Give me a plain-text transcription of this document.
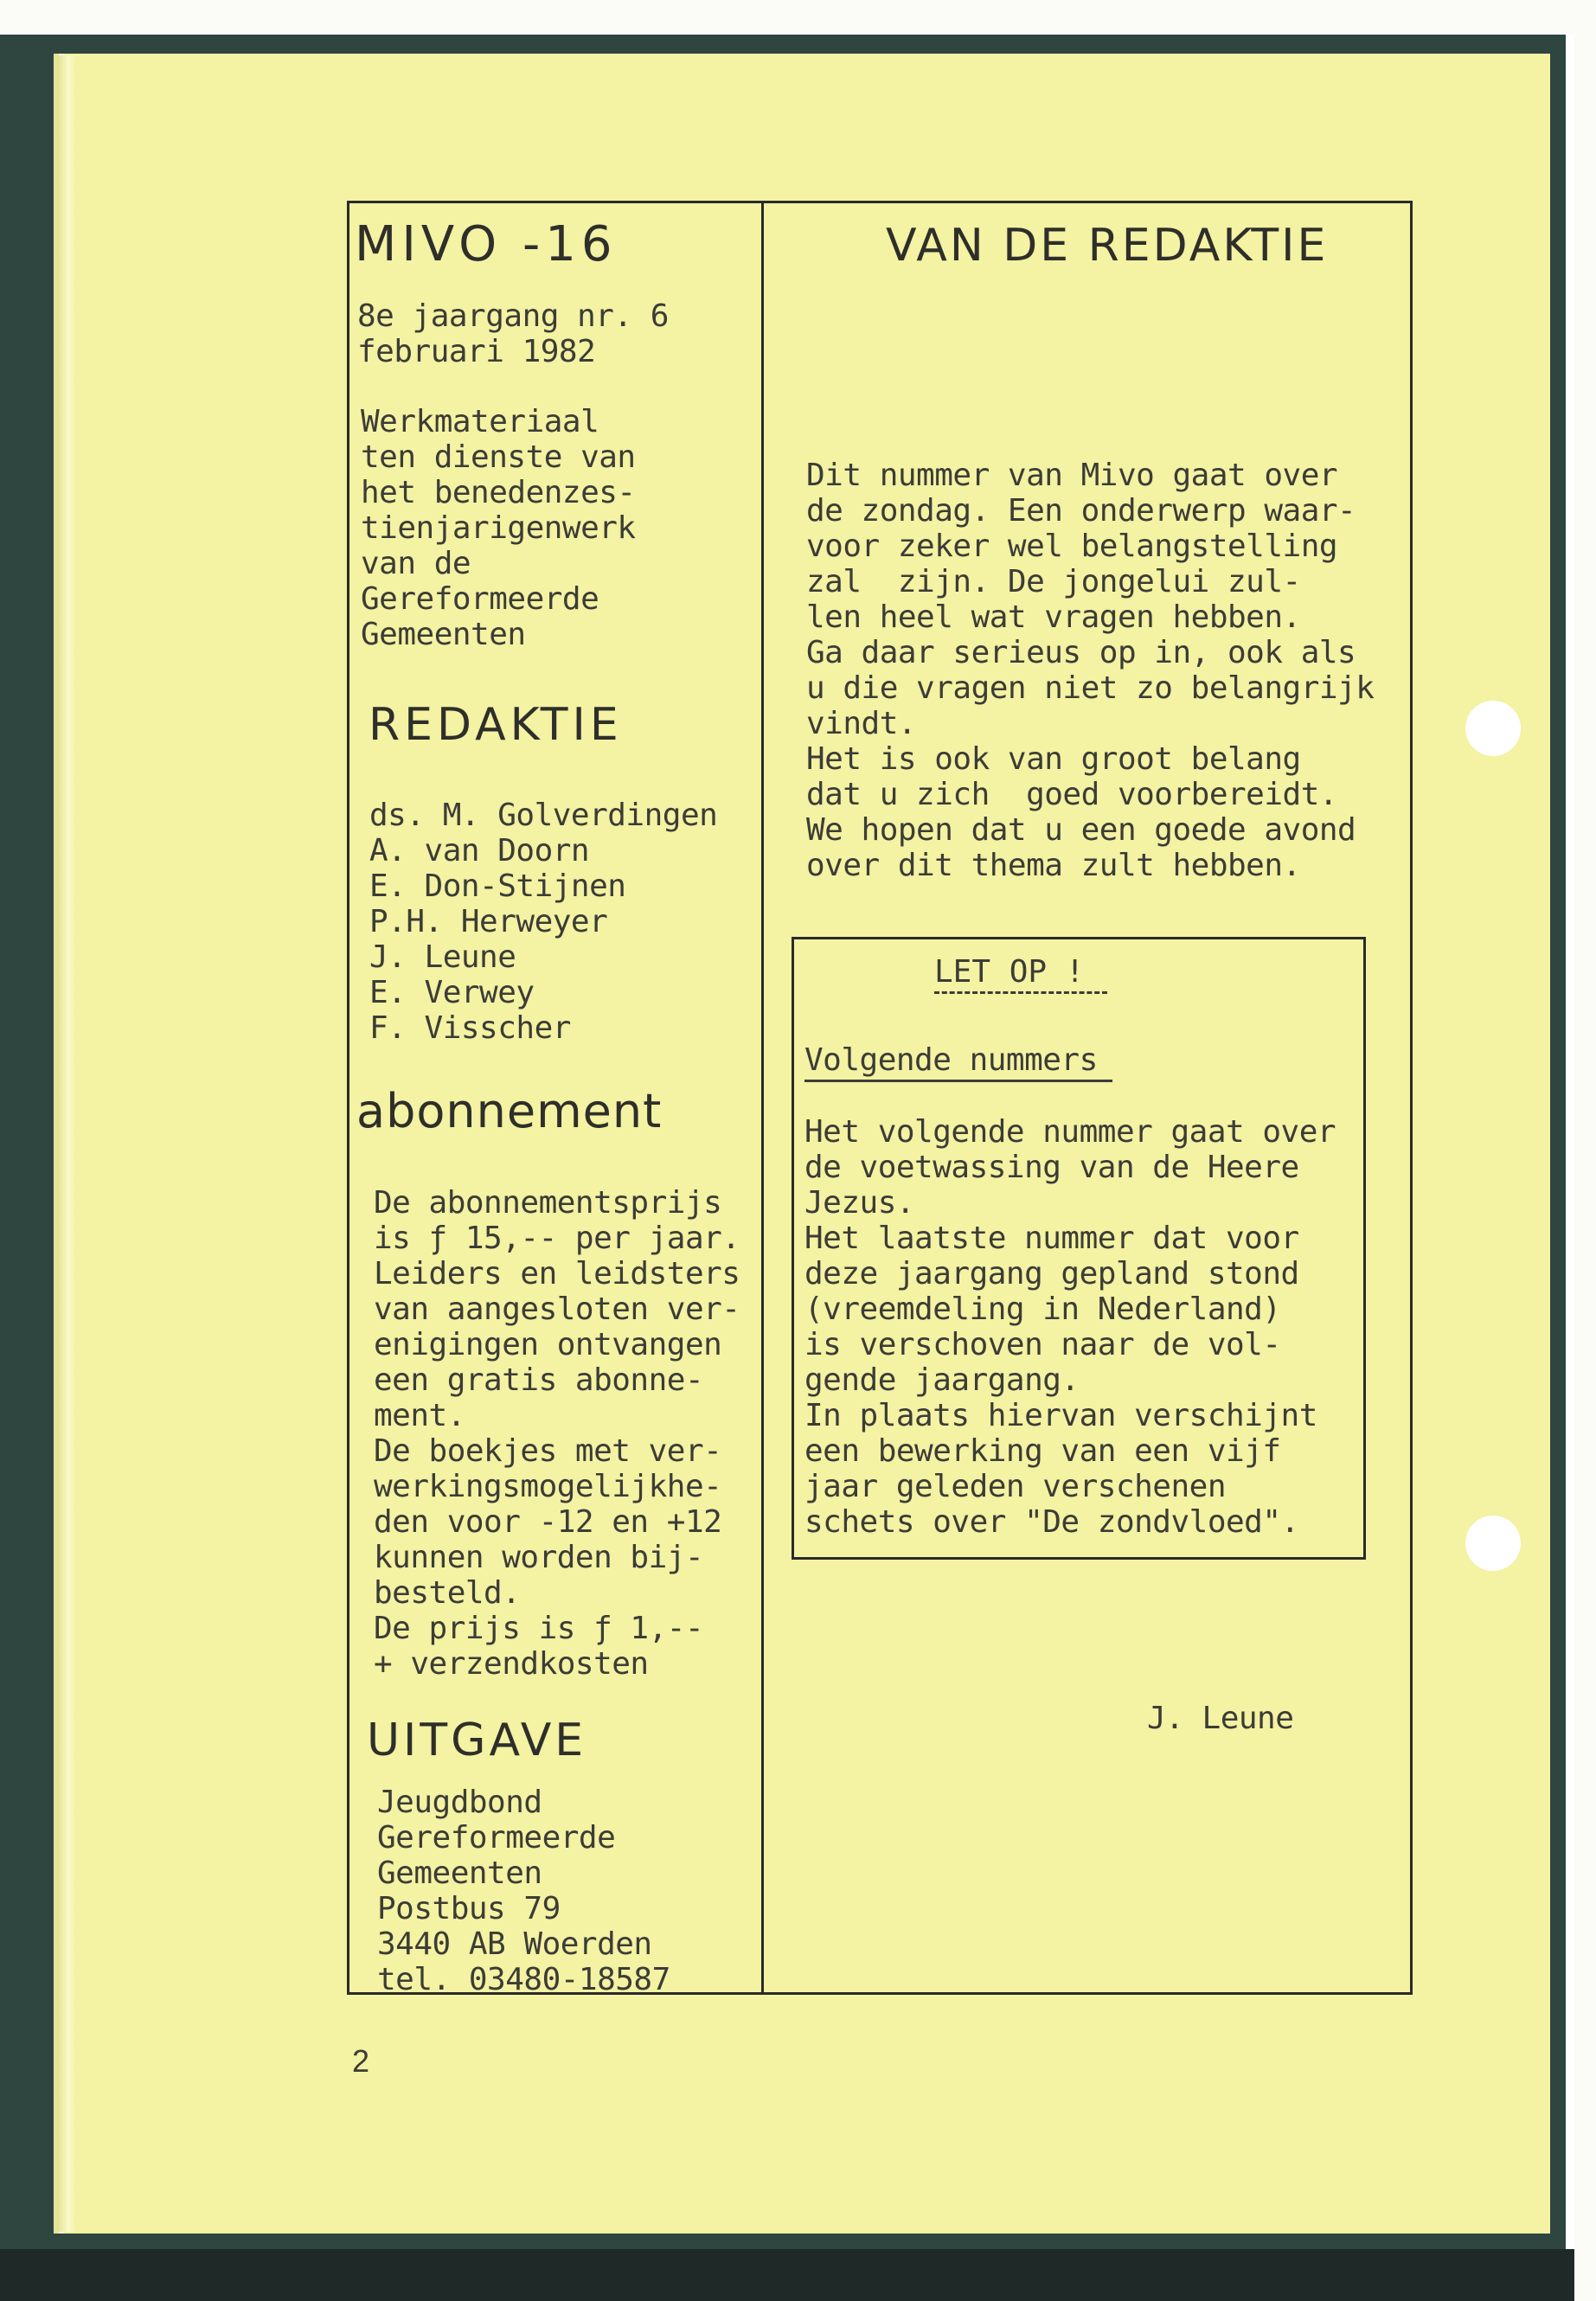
MIVO -16
8e jaargang nr. 6
februari 1982
Werkmateriaal
ten dienste van
het benedenzes-
tienjarigenwerk
van de
Gereformeerde
Gemeenten
REDAKTIE
ds. M. Golverdingen
A. van Doorn
E. Don-Stijnen
P.H. Herweyer
J. Leune
E. Verwey
F. Visscher
abonnement
De abonnementsprijs
is ƒ 15,-- per jaar.
Leiders en leidsters
van aangesloten ver-
enigingen ontvangen
een gratis abonne-
ment.
De boekjes met ver-
werkingsmogelijkhe-
den voor -12 en +12
kunnen worden bij-
besteld.
De prijs is ƒ 1,--
+ verzendkosten
UITGAVE
Jeugdbond
Gereformeerde
Gemeenten
Postbus 79
3440 AB Woerden
tel. 03480-18587
VAN DE REDAKTIE
Dit nummer van Mivo gaat over
de zondag. Een onderwerp waar-
voor zeker wel belangstelling
zal  zijn. De jongelui zul-
len heel wat vragen hebben.
Ga daar serieus op in, ook als
u die vragen niet zo belangrijk
vindt.
Het is ook van groot belang
dat u zich  goed voorbereidt.
We hopen dat u een goede avond
over dit thema zult hebben.
LET OP !
Volgende nummers
Het volgende nummer gaat over
de voetwassing van de Heere
Jezus.
Het laatste nummer dat voor
deze jaargang gepland stond
(vreemdeling in Nederland)
is verschoven naar de vol-
gende jaargang.
In plaats hiervan verschijnt
een bewerking van een vijf
jaar geleden verschenen
schets over "De zondvloed".
J. Leune
2
